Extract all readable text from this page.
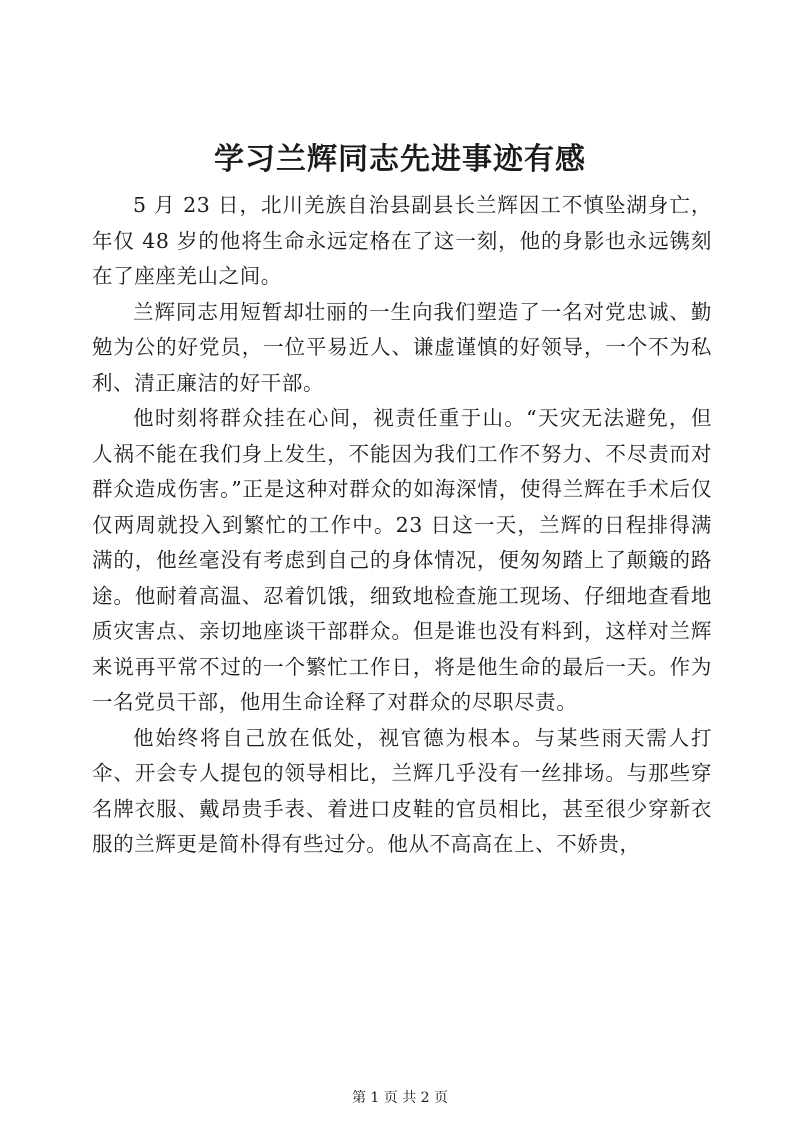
学习兰辉同志先进事迹有感

5 月 23 日，北川羌族自治县副县长兰辉因工不慎坠湖身亡，年仅 48 岁的他将生命永远定格在了这一刻，他的身影也永远镌刻在了座座羌山之间。

兰辉同志用短暂却壮丽的一生向我们塑造了一名对党忠诚、勤勉为公的好党员，一位平易近人、谦虚谨慎的好领导，一个不为私利、清正廉洁的好干部。

他时刻将群众挂在心间，视责任重于山。“天灾无法避免，但人祸不能在我们身上发生，不能因为我们工作不努力、不尽责而对群众造成伤害。”正是这种对群众的如海深情，使得兰辉在手术后仅仅两周就投入到繁忙的工作中。23 日这一天，兰辉的日程排得满满的，他丝毫没有考虑到自己的身体情况，便匆匆踏上了颠簸的路途。他耐着高温、忍着饥饿，细致地检查施工现场、仔细地查看地质灾害点、亲切地座谈干部群众。但是谁也没有料到，这样对兰辉来说再平常不过的一个繁忙工作日，将是他生命的最后一天。作为一名党员干部，他用生命诠释了对群众的尽职尽责。

他始终将自己放在低处，视官德为根本。与某些雨天需人打伞、开会专人提包的领导相比，兰辉几乎没有一丝排场。与那些穿名牌衣服、戴昂贵手表、着进口皮鞋的官员相比，甚至很少穿新衣服的兰辉更是简朴得有些过分。他从不高高在上、不娇贵，

第 1 页 共 2 页
